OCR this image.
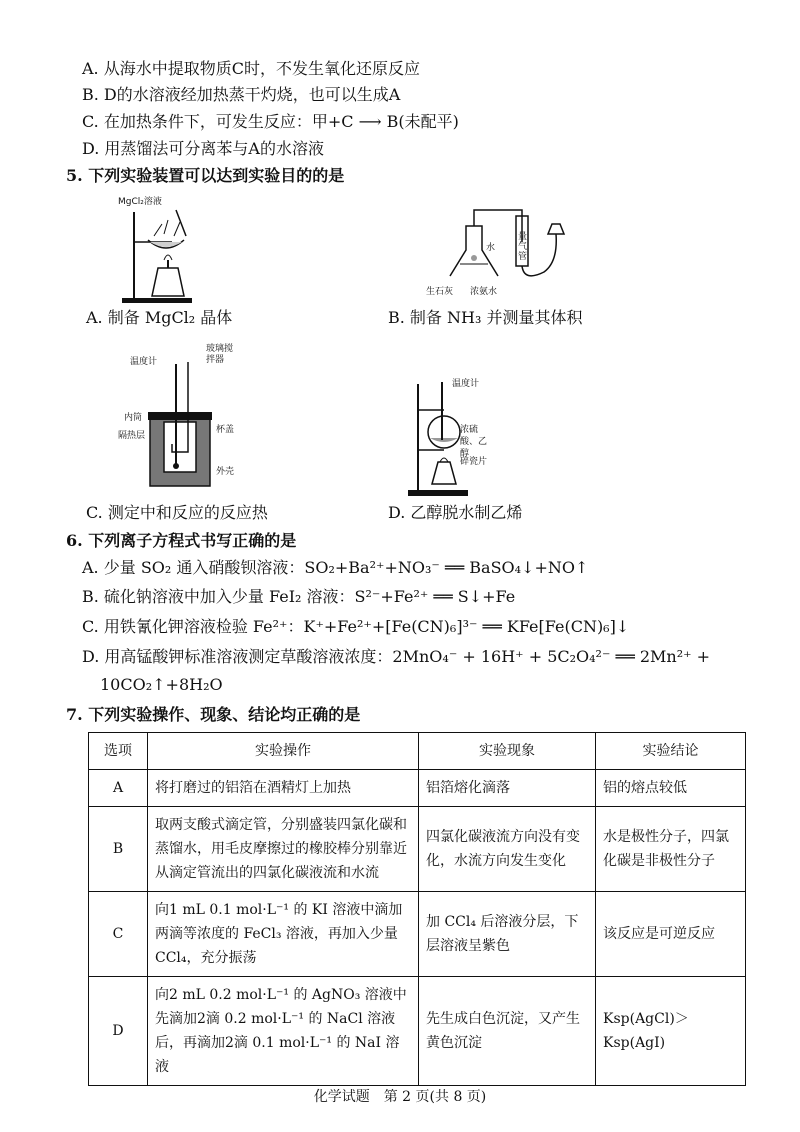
A. 从海水中提取物质C时，不发生氧化还原反应
B. D的水溶液经加热蒸干灼烧，也可以生成A
C. 在加热条件下，可发生反应：甲+C ⟶ B(未配平)
D. 用蒸馏法可分离苯与A的水溶液
5. 下列实验装置可以达到实验目的的是
MgCl₂溶液
A. 制备 MgCl₂ 晶体
水
量气管
生石灰 浓氨水
B. 制备 NH₃ 并测量其体积
温度计
玻璃搅拌器
内筒
隔热层
杯盖
外壳
C. 测定中和反应的反应热
温度计
浓硫酸、乙醇
碎瓷片
D. 乙醇脱水制乙烯
6. 下列离子方程式书写正确的是
A. 少量 SO₂ 通入硝酸钡溶液：SO₂+Ba²⁺+NO₃⁻ ══ BaSO₄↓+NO↑
B. 硫化钠溶液中加入少量 FeI₂ 溶液：S²⁻+Fe²⁺ ══ S↓+Fe
C. 用铁氰化钾溶液检验 Fe²⁺：K⁺+Fe²⁺+[Fe(CN)₆]³⁻ ══ KFe[Fe(CN)₆]↓
D. 用高锰酸钾标准溶液测定草酸溶液浓度：2MnO₄⁻ + 16H⁺ + 5C₂O₄²⁻ ══ 2Mn²⁺ +
10CO₂↑+8H₂O
7. 下列实验操作、现象、结论均正确的是
选项	实验操作	实验现象	实验结论
A	将打磨过的铝箔在酒精灯上加热	铝箔熔化滴落	铝的熔点较低
B	取两支酸式滴定管，分别盛装四氯化碳和蒸馏水，用毛皮摩擦过的橡胶棒分别靠近从滴定管流出的四氯化碳液流和水流	四氯化碳液流方向没有变化，水流方向发生变化	水是极性分子，四氯化碳是非极性分子
C	向1 mL 0.1 mol·L⁻¹ 的 KI 溶液中滴加两滴等浓度的 FeCl₃ 溶液，再加入少量 CCl₄，充分振荡	加 CCl₄ 后溶液分层，下层溶液呈紫色	该反应是可逆反应
D	向2 mL 0.2 mol·L⁻¹ 的 AgNO₃ 溶液中先滴加2滴 0.2 mol·L⁻¹ 的 NaCl 溶液后，再滴加2滴 0.1 mol·L⁻¹ 的 NaI 溶液	先生成白色沉淀，又产生黄色沉淀	Ksp(AgCl)＞Ksp(AgI)
化学试题　第 2 页(共 8 页)
